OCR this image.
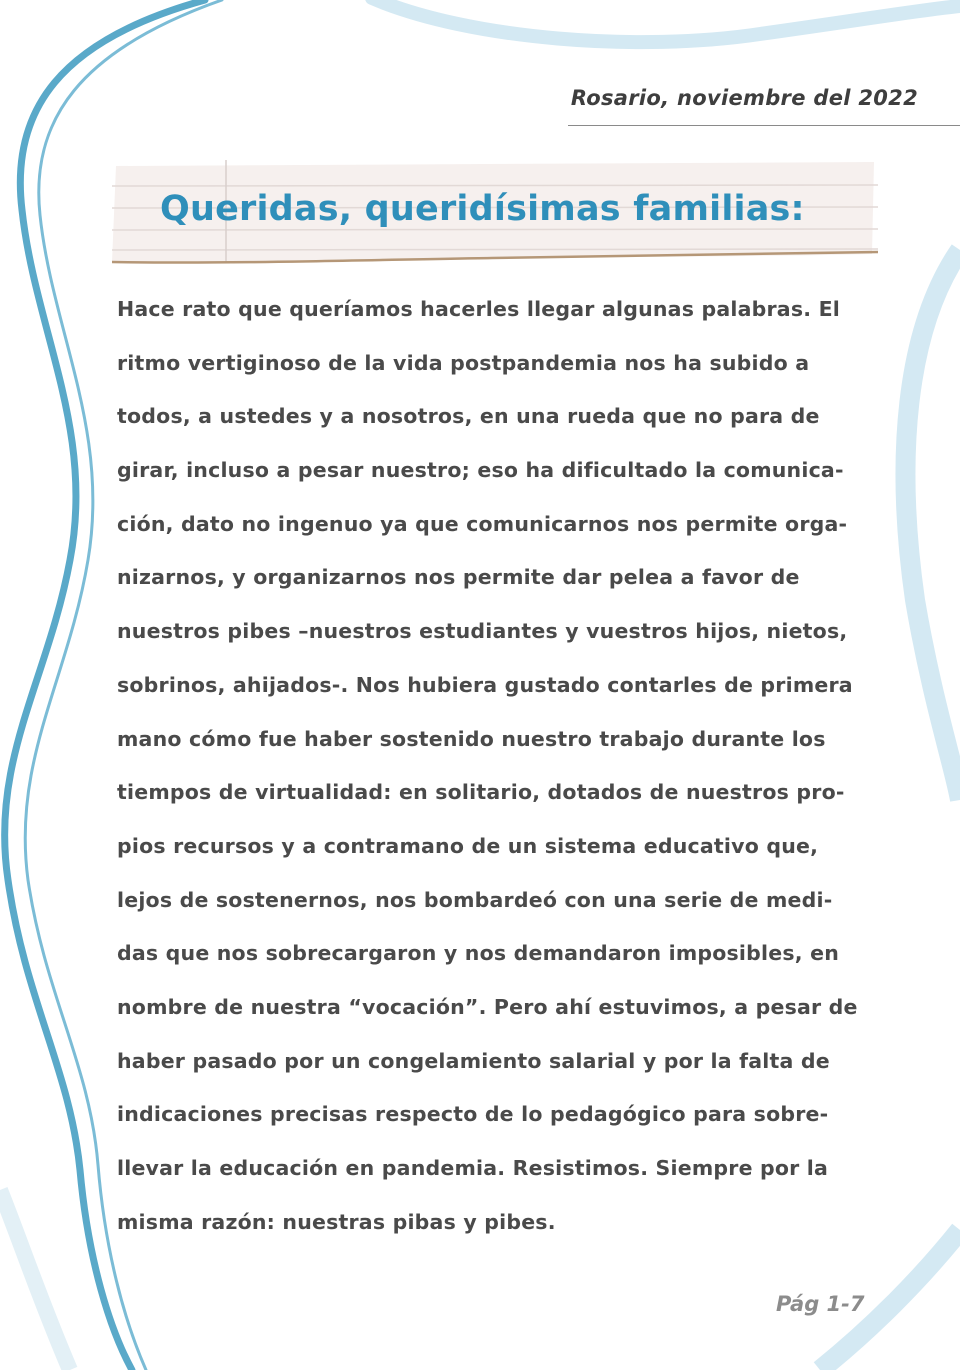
Rosario, noviembre del 2022
Queridas, queridísimas familias:
Hace rato que queríamos hacerles llegar algunas palabras. El
ritmo vertiginoso de la vida postpandemia nos ha subido a
todos, a ustedes y a nosotros, en una rueda que no para de
girar, incluso a pesar nuestro; eso ha dificultado la comunica-
ción, dato no ingenuo ya que comunicarnos nos permite orga-
nizarnos, y organizarnos nos permite dar pelea a favor de
nuestros pibes –nuestros estudiantes y vuestros hijos, nietos,
sobrinos, ahijados-. Nos hubiera gustado contarles de primera
mano cómo fue haber sostenido nuestro trabajo durante los
tiempos de virtualidad: en solitario, dotados de nuestros pro-
pios recursos y a contramano de un sistema educativo que,
lejos de sostenernos, nos bombardeó con una serie de medi-
das que nos sobrecargaron y nos demandaron imposibles, en
nombre de nuestra “vocación”. Pero ahí estuvimos, a pesar de
haber pasado por un congelamiento salarial y por la falta de
indicaciones precisas respecto de lo pedagógico para sobre-
llevar la educación en pandemia. Resistimos. Siempre por la
misma razón: nuestras pibas y pibes.
Pág 1-7
